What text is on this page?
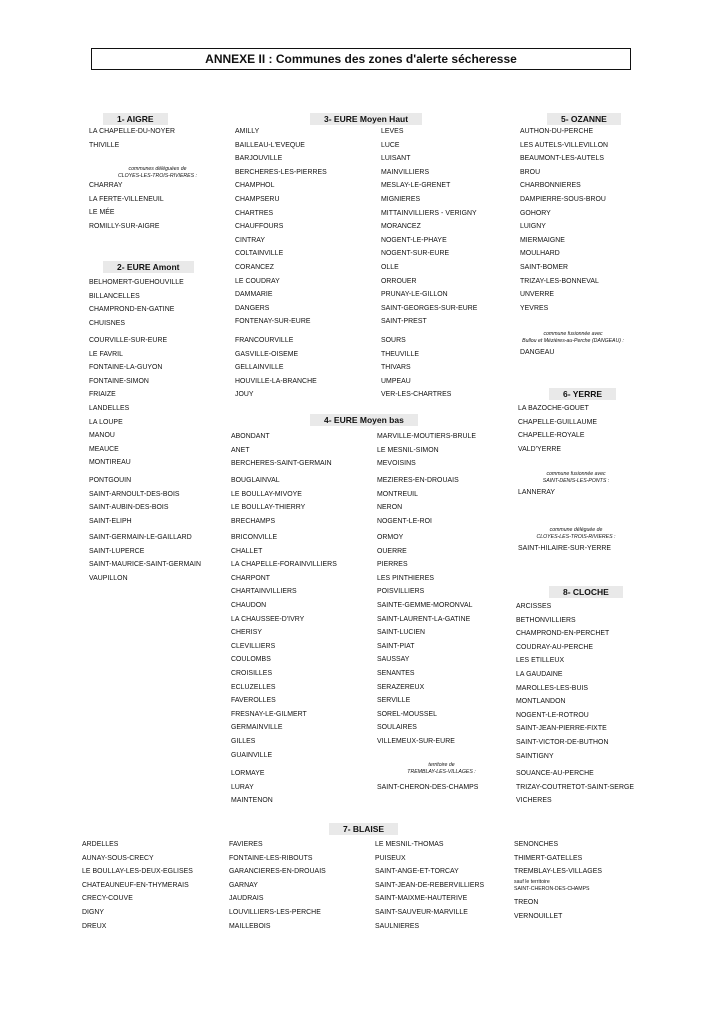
ANNEXE II : Communes des zones d'alerte sécheresse
1- AIGRE
LA CHAPELLE-DU-NOYER
THIVILLE
communes déléguées de
CLOYES-LES-TROIS-RIVIERES :
CHARRAY
LA FERTE-VILLENEUIL
LE MÉE
ROMILLY-SUR-AIGRE
2- EURE Amont
BELHOMERT-GUEHOUVILLE
BILLANCELLES
CHAMPROND-EN-GATINE
CHUISNES
COURVILLE-SUR-EURE
LE FAVRIL
FONTAINE-LA-GUYON
FONTAINE-SIMON
FRIAIZE
LANDELLES
LA LOUPE
MANOU
MEAUCE
MONTIREAU
PONTGOUIN
SAINT-ARNOULT-DES-BOIS
SAINT-AUBIN-DES-BOIS
SAINT-ELIPH
SAINT-GERMAIN-LE-GAILLARD
SAINT-LUPERCE
SAINT-MAURICE-SAINT-GERMAIN
VAUPILLON
3- EURE Moyen Haut
AMILLY
BAILLEAU-L'EVEQUE
BARJOUVILLE
BERCHERES-LES-PIERRES
CHAMPHOL
CHAMPSERU
CHARTRES
CHAUFFOURS
CINTRAY
COLTAINVILLE
CORANCEZ
LE COUDRAY
DAMMARIE
DANGERS
FONTENAY-SUR-EURE
FRANCOURVILLE
GASVILLE-OISEME
GELLAINVILLE
HOUVILLE-LA-BRANCHE
JOUY
LEVES
LUCE
LUISANT
MAINVILLIERS
MESLAY-LE-GRENET
MIGNIERES
MITTAINVILLIERS - VERIGNY
MORANCEZ
NOGENT-LE-PHAYE
NOGENT-SUR-EURE
OLLE
ORROUER
PRUNAY-LE-GILLON
SAINT-GEORGES-SUR-EURE
SAINT-PREST
SOURS
THEUVILLE
THIVARS
UMPEAU
VER-LES-CHARTRES
4- EURE Moyen bas
ABONDANT
ANET
BERCHERES-SAINT-GERMAIN
BOUGLAINVAL
LE BOULLAY-MIVOYE
LE BOULLAY-THIERRY
BRECHAMPS
BRICONVILLE
CHALLET
LA CHAPELLE-FORAINVILLIERS
CHARPONT
CHARTAINVILLIERS
CHAUDON
LA CHAUSSEE-D'IVRY
CHERISY
CLEVILLIERS
COULOMBS
CROISILLES
ECLUZELLES
FAVEROLLES
FRESNAY-LE-GILMERT
GERMAINVILLE
GILLES
GUAINVILLE
LORMAYE
LURAY
MAINTENON
MARVILLE-MOUTIERS-BRULE
LE MESNIL-SIMON
MEVOISINS
MEZIERES-EN-DROUAIS
MONTREUIL
NERON
NOGENT-LE-ROI
ORMOY
OUERRE
PIERRES
LES PINTHIERES
POISVILLIERS
SAINTE-GEMME-MORONVAL
SAINT-LAURENT-LA-GATINE
SAINT-LUCIEN
SAINT-PIAT
SAUSSAY
SENANTES
SERAZEREUX
SERVILLE
SOREL-MOUSSEL
SOULAIRES
VILLEMEUX-SUR-EURE
territoire de
TREMBLAY-LES-VILLAGES :
SAINT-CHERON-DES-CHAMPS
5- OZANNE
AUTHON-DU-PERCHE
LES AUTELS-VILLEVILLON
BEAUMONT-LES-AUTELS
BROU
CHARBONNIERES
DAMPIERRE-SOUS-BROU
GOHORY
LUIGNY
MIERMAIGNE
MOULHARD
SAINT-BOMER
TRIZAY-LES-BONNEVAL
UNVERRE
YEVRES
commune fusionnée avec
Bullou et Mézières-au-Perche (DANGEAU) :
DANGEAU
6- YERRE
LA BAZOCHE-GOUET
CHAPELLE-GUILLAUME
CHAPELLE-ROYALE
VALD'YERRE
commune fusionnée avec
SAINT-DENIS-LES-PONTS :
LANNERAY
commune déléguée de
CLOYES-LES-TROIS-RIVIERES :
SAINT-HILAIRE-SUR-YERRE
8- CLOCHE
ARCISSES
BETHONVILLIERS
CHAMPROND-EN-PERCHET
COUDRAY-AU-PERCHE
LES ETILLEUX
LA GAUDAINE
MAROLLES-LES-BUIS
MONTLANDON
NOGENT-LE-ROTROU
SAINT-JEAN-PIERRE-FIXTE
SAINT-VICTOR-DE-BUTHON
SAINTIGNY
SOUANCE-AU-PERCHE
TRIZAY-COUTRETOT-SAINT-SERGE
VICHERES
7- BLAISE
ARDELLES
AUNAY-SOUS-CRECY
LE BOULLAY-LES-DEUX-EGLISES
CHATEAUNEUF-EN-THYMERAIS
CRECY-COUVE
DIGNY
DREUX
FAVIERES
FONTAINE-LES-RIBOUTS
GARANCIERES-EN-DROUAIS
GARNAY
JAUDRAIS
LOUVILLIERS-LES-PERCHE
MAILLEBOIS
LE MESNIL-THOMAS
PUISEUX
SAINT-ANGE-ET-TORCAY
SAINT-JEAN-DE-REBERVILLIERS
SAINT-MAIXME-HAUTERIVE
SAINT-SAUVEUR-MARVILLE
SAULNIERES
SENONCHES
THIMERT-GATELLES
TREMBLAY-LES-VILLAGES
sauf le territoire
SAINT-CHERON-DES-CHAMPS
TREON
VERNOUILLET
